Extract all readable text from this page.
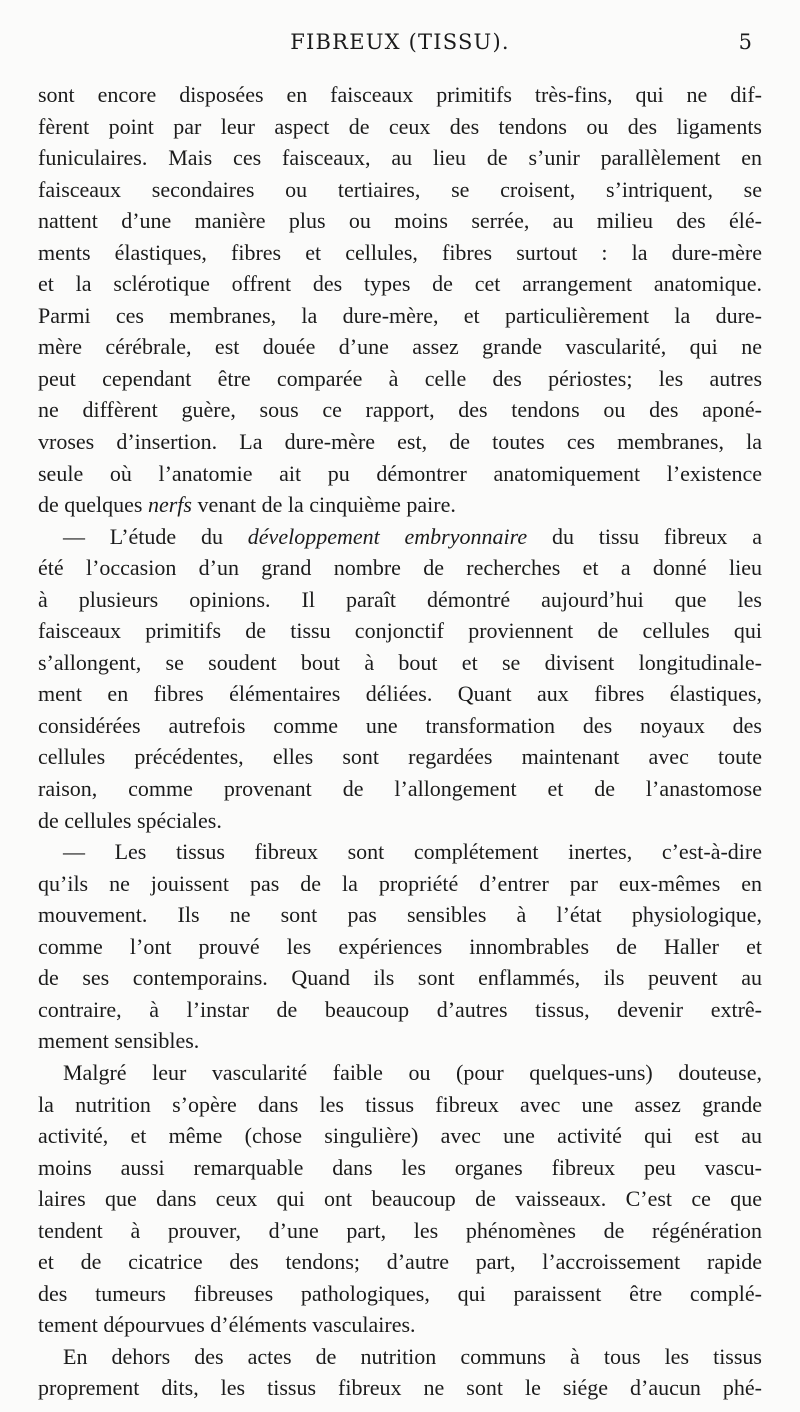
FIBREUX (TISSU).	5
sont encore disposées en faisceaux primitifs très-fins, qui ne dif-
fèrent point par leur aspect de ceux des tendons ou des ligaments
funiculaires. Mais ces faisceaux, au lieu de s’unir parallèlement en
faisceaux secondaires ou tertiaires, se croisent, s’intriquent, se
nattent d’une manière plus ou moins serrée, au milieu des élé-
ments élastiques, fibres et cellules, fibres surtout : la dure-mère
et la sclérotique offrent des types de cet arrangement anatomique.
Parmi ces membranes, la dure-mère, et particulièrement la dure-
mère cérébrale, est douée d’une assez grande vascularité, qui ne
peut cependant être comparée à celle des périostes; les autres
ne diffèrent guère, sous ce rapport, des tendons ou des aponé-
vroses d’insertion. La dure-mère est, de toutes ces membranes, la
seule où l’anatomie ait pu démontrer anatomiquement l’existence
de quelques nerfs venant de la cinquième paire.
— L’étude du développement embryonnaire du tissu fibreux a
été l’occasion d’un grand nombre de recherches et a donné lieu
à plusieurs opinions. Il paraît démontré aujourd’hui que les
faisceaux primitifs de tissu conjonctif proviennent de cellules qui
s’allongent, se soudent bout à bout et se divisent longitudinale-
ment en fibres élémentaires déliées. Quant aux fibres élastiques,
considérées autrefois comme une transformation des noyaux des
cellules précédentes, elles sont regardées maintenant avec toute
raison, comme provenant de l’allongement et de l’anastomose
de cellules spéciales.
— Les tissus fibreux sont complétement inertes, c’est-à-dire
qu’ils ne jouissent pas de la propriété d’entrer par eux-mêmes en
mouvement. Ils ne sont pas sensibles à l’état physiologique,
comme l’ont prouvé les expériences innombrables de Haller et
de ses contemporains. Quand ils sont enflammés, ils peuvent au
contraire, à l’instar de beaucoup d’autres tissus, devenir extrê-
mement sensibles.
Malgré leur vascularité faible ou (pour quelques-uns) douteuse,
la nutrition s’opère dans les tissus fibreux avec une assez grande
activité, et même (chose singulière) avec une activité qui est au
moins aussi remarquable dans les organes fibreux peu vascu-
laires que dans ceux qui ont beaucoup de vaisseaux. C’est ce que
tendent à prouver, d’une part, les phénomènes de régénération
et de cicatrice des tendons; d’autre part, l’accroissement rapide
des tumeurs fibreuses pathologiques, qui paraissent être complé-
tement dépourvues d’éléments vasculaires.
En dehors des actes de nutrition communs à tous les tissus
proprement dits, les tissus fibreux ne sont le siége d’aucun phé-
